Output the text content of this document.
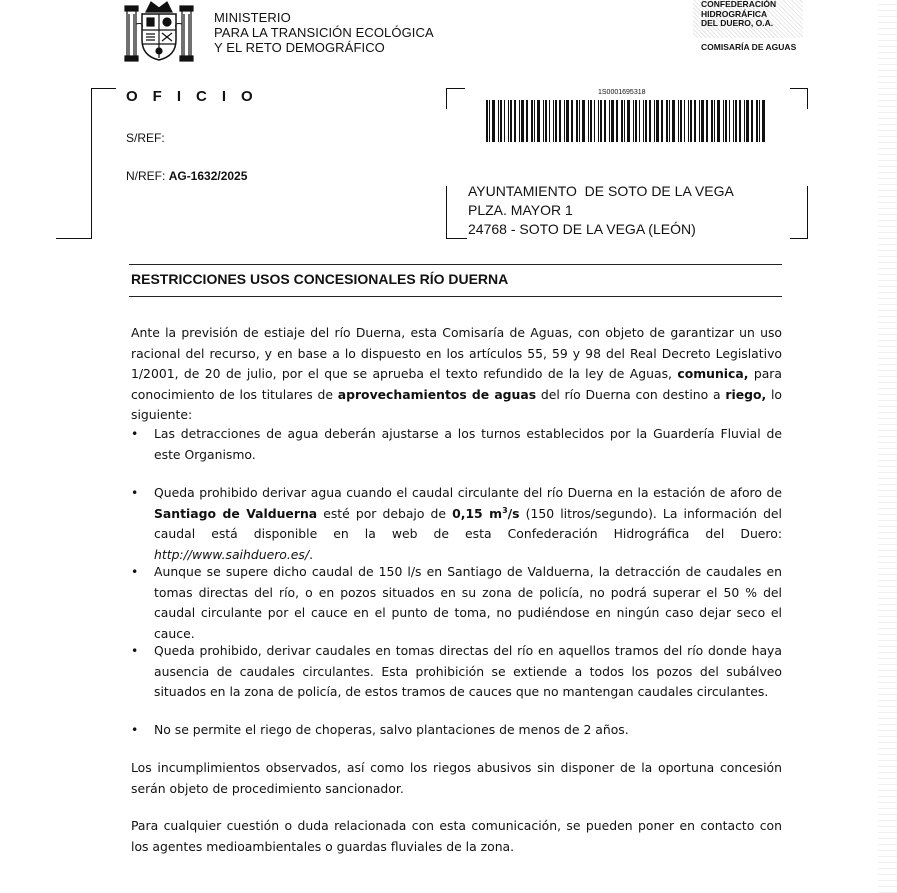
MINISTERIO
PARA LA TRANSICIÓN ECOLÓGICA
Y EL RETO DEMOGRÁFICO
CONFEDERACIÓN
HIDROGRÁFICA
DEL DUERO, O.A.
COMISARÍA DE AGUAS
OFICIO
S/REF:
N/REF: AG-1632/2025
1S0001695318
AYUNTAMIENTO  DE SOTO DE LA VEGA
PLZA. MAYOR 1
24768 - SOTO DE LA VEGA (LEÓN)
RESTRICCIONES USOS CONCESIONALES RÍO DUERNA
Ante la previsión de estiaje del río Duerna, esta Comisaría de Aguas, con objeto de garantizar un uso racional del recurso, y en base a lo dispuesto en los artículos 55, 59 y 98 del Real Decreto Legislativo 1/2001, de 20 de julio, por el que se aprueba el texto refundido de la ley de Aguas, comunica, para conocimiento de los titulares de aprovechamientos de aguas del río Duerna con destino a riego, lo siguiente:
• Las detracciones de agua deberán ajustarse a los turnos establecidos por la Guardería Fluvial de este Organismo.
• Queda prohibido derivar agua cuando el caudal circulante del río Duerna en la estación de aforo de Santiago de Valduerna esté por debajo de 0,15 $m^3/s$ (150 litros/segundo). La información del caudal está disponible en la web de esta Confederación Hidrográfica del Duero: http://www.saihduero.es/.
• Aunque se supere dicho caudal de 150 l/s en Santiago de Valduerna, la detracción de caudales en tomas directas del río, o en pozos situados en su zona de policía, no podrá superar el 50 % del caudal circulante por el cauce en el punto de toma, no pudiéndose en ningún caso dejar seco el cauce.
• Queda prohibido, derivar caudales en tomas directas del río en aquellos tramos del río donde haya ausencia de caudales circulantes. Esta prohibición se extiende a todos los pozos del subálveo situados en la zona de policía, de estos tramos de cauces que no mantengan caudales circulantes.
• No se permite el riego de choperas, salvo plantaciones de menos de 2 años.
Los incumplimientos observados, así como los riegos abusivos sin disponer de la oportuna concesión serán objeto de procedimiento sancionador.
Para cualquier cuestión o duda relacionada con esta comunicación, se pueden poner en contacto con los agentes medioambientales o guardas fluviales de la zona.
